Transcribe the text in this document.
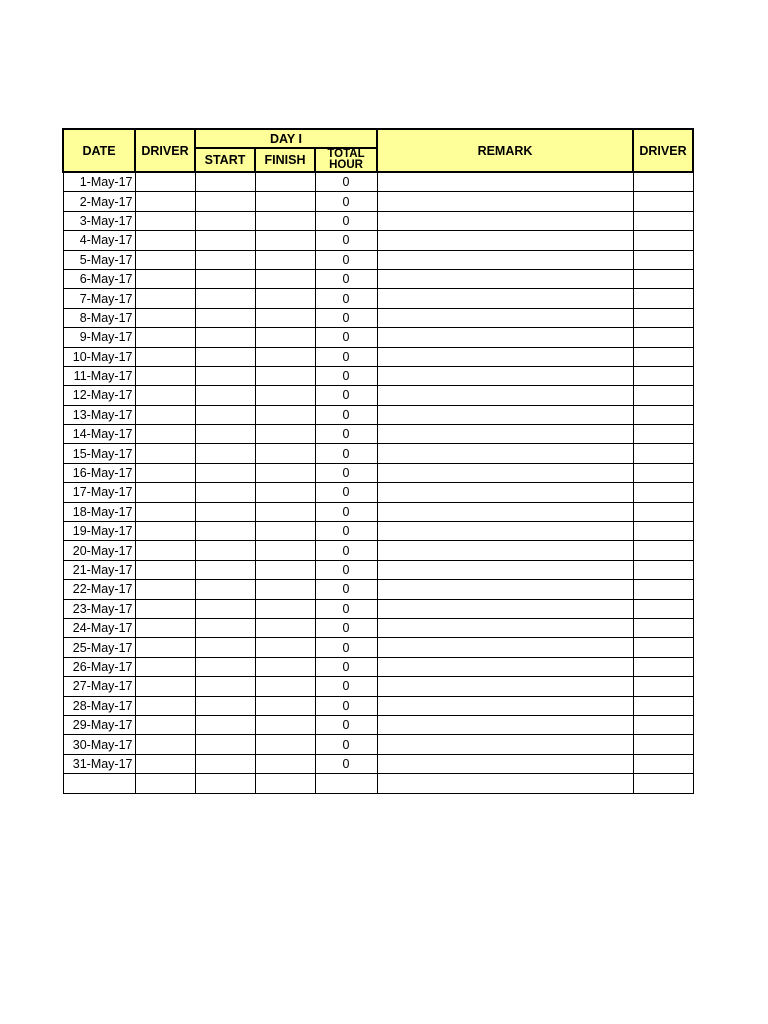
DATE	DRIVER	DAY I			REMARK	DRIVER
		START	FINISH	TOTAL HOUR		
1-May-17				0		
2-May-17				0		
3-May-17				0		
4-May-17				0		
5-May-17				0		
6-May-17				0		
7-May-17				0		
8-May-17				0		
9-May-17				0		
10-May-17				0		
11-May-17				0		
12-May-17				0		
13-May-17				0		
14-May-17				0		
15-May-17				0		
16-May-17				0		
17-May-17				0		
18-May-17				0		
19-May-17				0		
20-May-17				0		
21-May-17				0		
22-May-17				0		
23-May-17				0		
24-May-17				0		
25-May-17				0		
26-May-17				0		
27-May-17				0		
28-May-17				0		
29-May-17				0		
30-May-17				0		
31-May-17				0		
